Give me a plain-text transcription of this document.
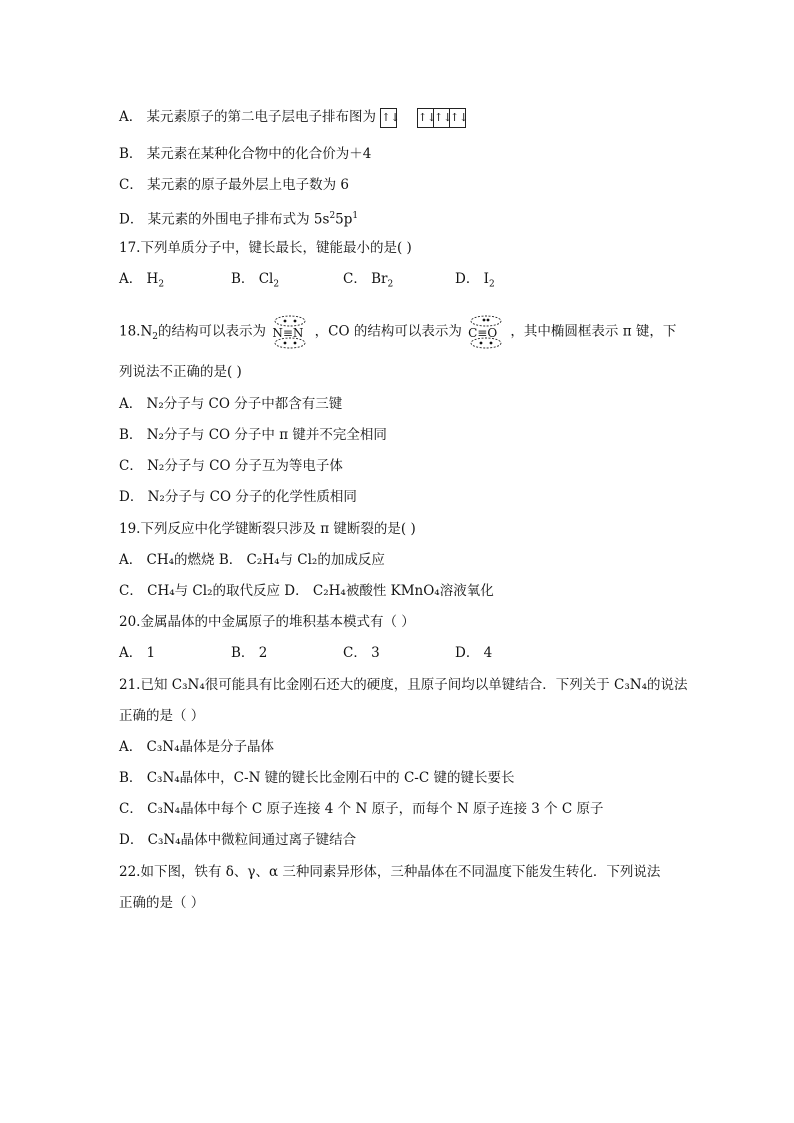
A． 某元素原子的第二电子层电子排布图为 ↑↓ ↑↓↑↓↑↓
B． 某元素在某种化合物中的化合价为＋4
C． 某元素的原子最外层上电子数为 6
D． 某元素的外围电子排布式为 $5s^25p^1$
17.下列单质分子中，键长最长，键能最小的是( )
A． $H_2$	B． $Cl_2$	C． $Br_2$	D． $I_2$
$18.N_2$的结构可以表示为 N≡N ，CO 的结构可以表示为 C≡O ，其中椭圆框表示 π 键，下
列说法不正确的是( )
A． N₂分子与 CO 分子中都含有三键
B． N₂分子与 CO 分子中 π 键并不完全相同
C． N₂分子与 CO 分子互为等电子体
D． N₂分子与 CO 分子的化学性质相同
19.下列反应中化学键断裂只涉及 π 键断裂的是( )
A． CH₄的燃烧 B． C₂H₄与 Cl₂的加成反应
C． CH₄与 Cl₂的取代反应 D． C₂H₄被酸性 KMnO₄溶液氧化
20.金属晶体的中金属原子的堆积基本模式有（ ）
A． 1	B． 2	C． 3	D． 4
21.已知 C₃N₄很可能具有比金刚石还大的硬度，且原子间均以单键结合．下列关于 C₃N₄的说法
正确的是（ ）
A． C₃N₄晶体是分子晶体
B． C₃N₄晶体中，C-N 键的键长比金刚石中的 C-C 键的键长要长
C． C₃N₄晶体中每个 C 原子连接 4 个 N 原子，而每个 N 原子连接 3 个 C 原子
D． C₃N₄晶体中微粒间通过离子键结合
22.如下图，铁有 δ、γ、α 三种同素异形体，三种晶体在不同温度下能发生转化．下列说法
正确的是（ ）
